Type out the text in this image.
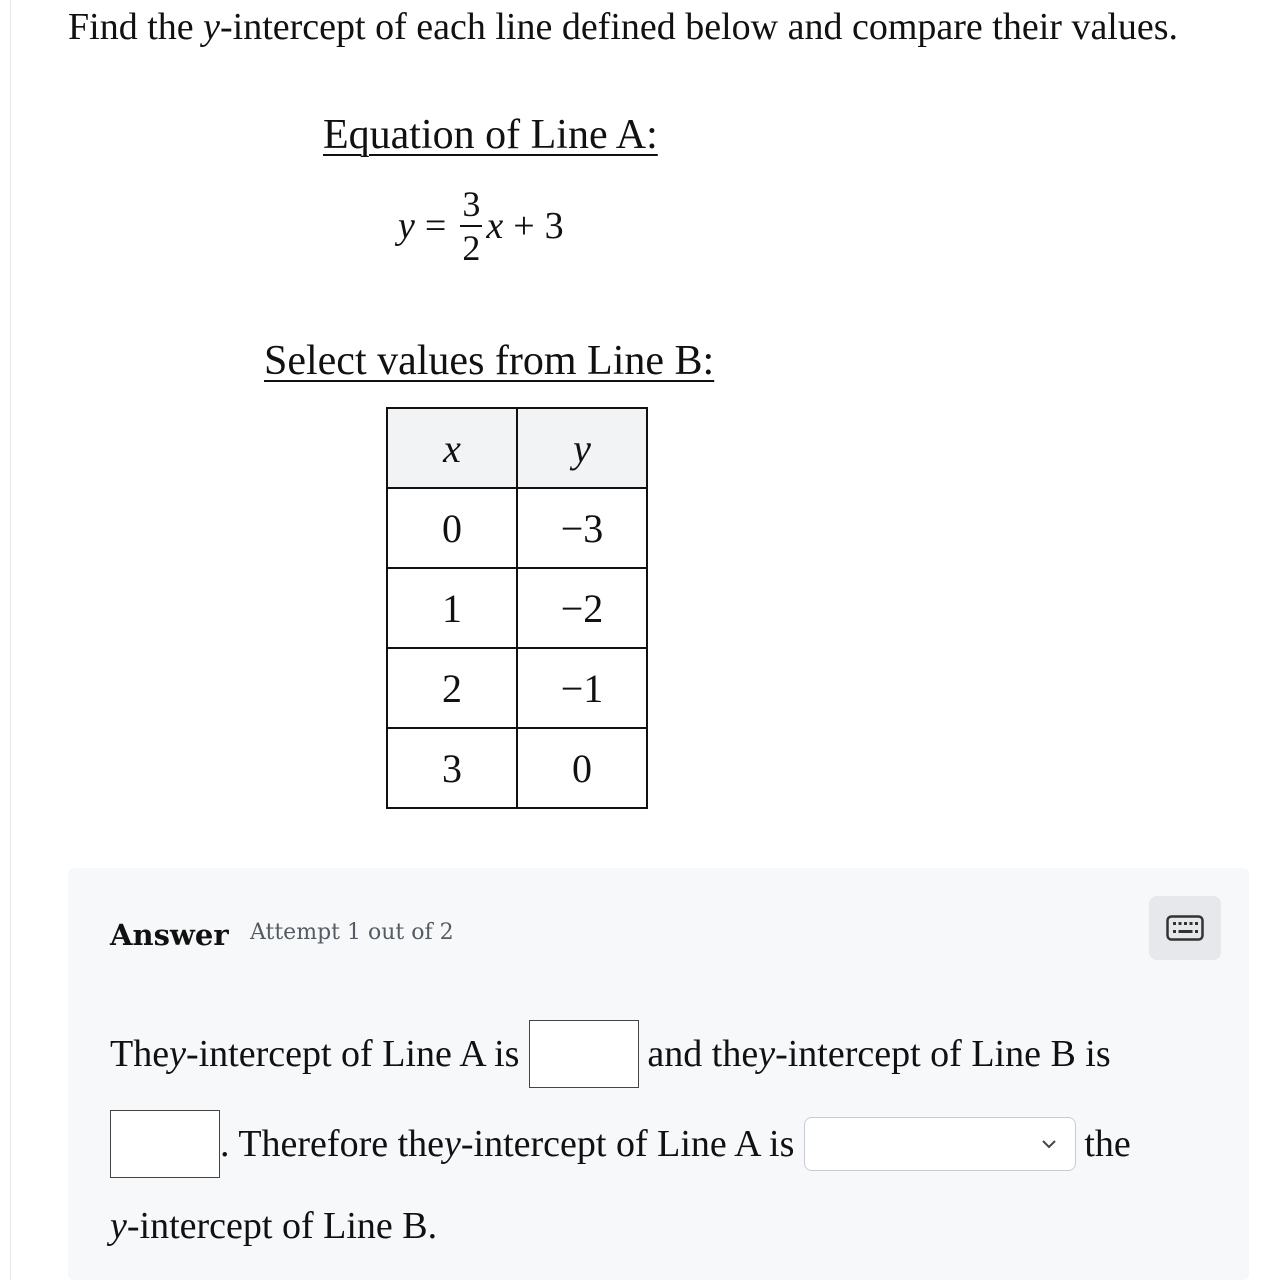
Find the y-intercept of each line defined below and compare their values.
Equation of Line A:
$y = \frac{3}{2}$ x + 3
Select values from Line B:
x	y
0	−3
1	−2
2	−1
3	0
Answer Attempt 1 out of 2
The y -intercept of Line A is	and the y -intercept of Line B is
. Therefore the y -intercept of Line A is	the
y -intercept of Line B.
